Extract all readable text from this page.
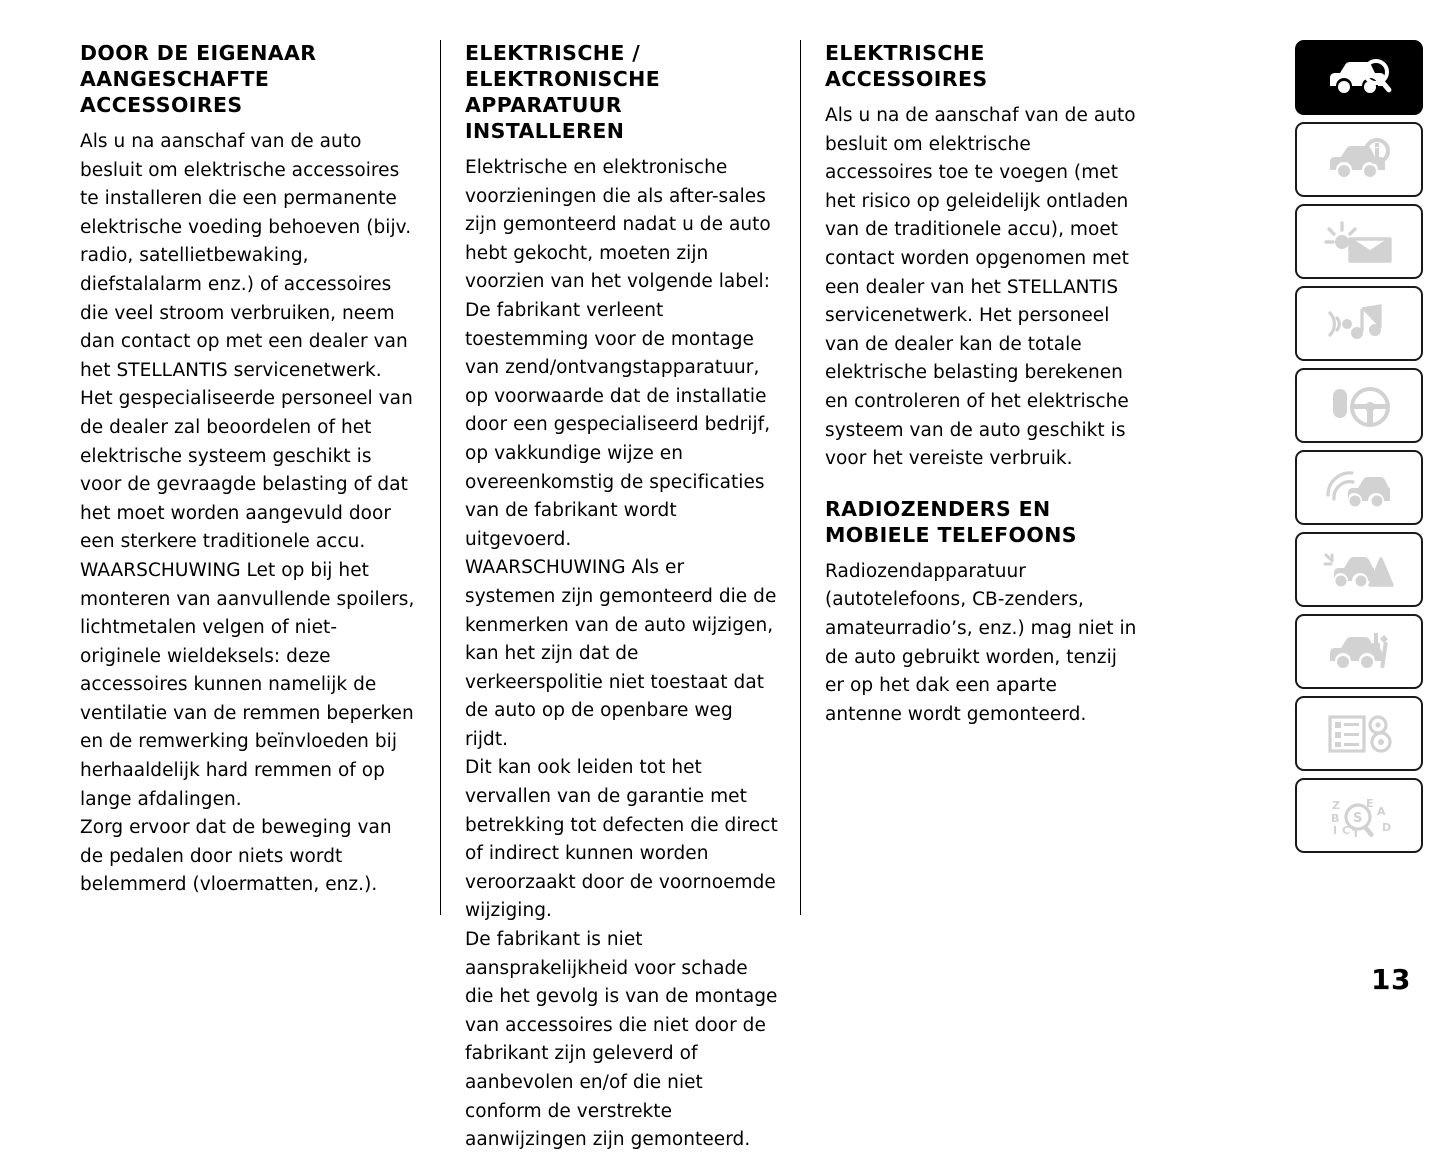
DOOR DE EIGENAAR AANGESCHAFTE ACCESSOIRES

Als u na aanschaf van de auto besluit om elektrische accessoires te installeren die een permanente elektrische voeding behoeven (bijv. radio, satellietbewaking, diefstalalarm enz.) of accessoires die veel stroom verbruiken, neem dan contact op met een dealer van het STELLANTIS servicenetwerk. Het gespecialiseerde personeel van de dealer zal beoordelen of het elektrische systeem geschikt is voor de gevraagde belasting of dat het moet worden aangevuld door een sterkere traditionele accu.

WAARSCHUWING Let op bij het monteren van aanvullende spoilers, lichtmetalen velgen of niet-originele wieldeksels: deze accessoires kunnen namelijk de ventilatie van de remmen beperken en de remwerking beïnvloeden bij herhaaldelijk hard remmen of op lange afdalingen.

Zorg ervoor dat de beweging van de pedalen door niets wordt belemmerd (vloermatten, enz.).

ELEKTRISCHE / ELEKTRONISCHE APPARATUUR INSTALLEREN

Elektrische en elektronische voorzieningen die als after-sales zijn gemonteerd nadat u de auto hebt gekocht, moeten zijn voorzien van het volgende label: De fabrikant verleent toestemming voor de montage van zend/ontvangstapparatuur, op voorwaarde dat de installatie door een gespecialiseerd bedrijf, op vakkundige wijze en overeenkomstig de specificaties van de fabrikant wordt uitgevoerd.

WAARSCHUWING Als er systemen zijn gemonteerd die de kenmerken van de auto wijzigen, kan het zijn dat de verkeerspolitie niet toestaat dat de auto op de openbare weg rijdt.

Dit kan ook leiden tot het vervallen van de garantie met betrekking tot defecten die direct of indirect kunnen worden veroorzaakt door de voornoemde wijziging.

De fabrikant is niet aansprakelijkheid voor schade die het gevolg is van de montage van accessoires die niet door de fabrikant zijn geleverd of aanbevolen en/of die niet conform de verstrekte aanwijzingen zijn gemonteerd.

ELEKTRISCHE ACCESSOIRES

Als u na de aanschaf van de auto besluit om elektrische accessoires toe te voegen (met het risico op geleidelijk ontladen van de traditionele accu), moet contact worden opgenomen met een dealer van het STELLANTIS servicenetwerk. Het personeel van de dealer kan de totale elektrische belasting berekenen en controleren of het elektrische systeem van de auto geschikt is voor het vereiste verbruik.

RADIOZENDERS EN MOBIELE TELEFOONS

Radiozendapparatuur (autotelefoons, CB-zenders, amateurradio’s, enz.) mag niet in de auto gebruikt worden, tenzij er op het dak een aparte antenne wordt gemonteerd.

Z
B
I C T
E
A
D
S
13
